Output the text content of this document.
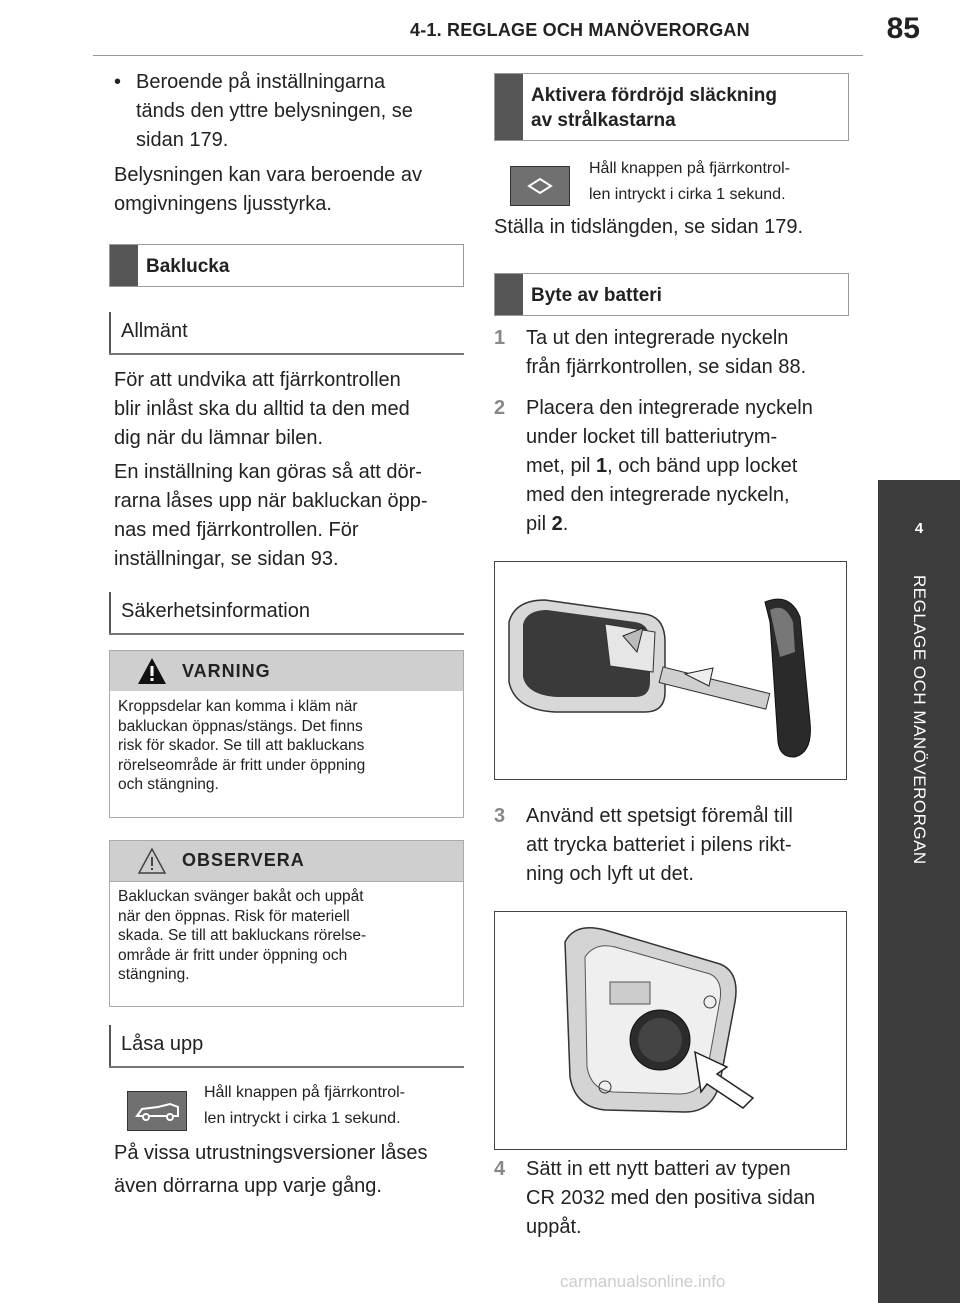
4-1. REGLAGE OCH MANÖVERORGAN	85
4
REGLAGE OCH MANÖVERORGAN
• Beroende på inställningarna
tänds den yttre belysningen, se
sidan 179.
Belysningen kan vara beroende av
omgivningens ljusstyrka.
Baklucka
Allmänt
För att undvika att fjärrkontrollen
blir inlåst ska du alltid ta den med
dig när du lämnar bilen.
En inställning kan göras så att dör-
rarna låses upp när bakluckan öpp-
nas med fjärrkontrollen. För
inställningar, se sidan 93.
Säkerhetsinformation
VARNING
Kroppsdelar kan komma i kläm när
bakluckan öppnas/stängs. Det finns
risk för skador. Se till att bakluckans
rörelseområde är fritt under öppning
och stängning.
OBSERVERA
Bakluckan svänger bakåt och uppåt
när den öppnas. Risk för materiell
skada. Se till att bakluckans rörelse-
område är fritt under öppning och
stängning.
Låsa upp
Håll knappen på fjärrkontrol-
len intryckt i cirka 1 sekund.
På vissa utrustningsversioner låses
även dörrarna upp varje gång.
Aktivera fördröjd släckning
av strålkastarna
Håll knappen på fjärrkontrol-
len intryckt i cirka 1 sekund.
Ställa in tidslängden, se sidan 179.
Byte av batteri
1 Ta ut den integrerade nyckeln
från fjärrkontrollen, se sidan 88.
2 Placera den integrerade nyckeln
under locket till batteriutrym-
met, pil 1, och bänd upp locket
med den integrerade nyckeln,
pil 2.
3 Använd ett spetsigt föremål till
att trycka batteriet i pilens rikt-
ning och lyft ut det.
4 Sätt in ett nytt batteri av typen
CR 2032 med den positiva sidan
uppåt.
carmanualsonline.info
